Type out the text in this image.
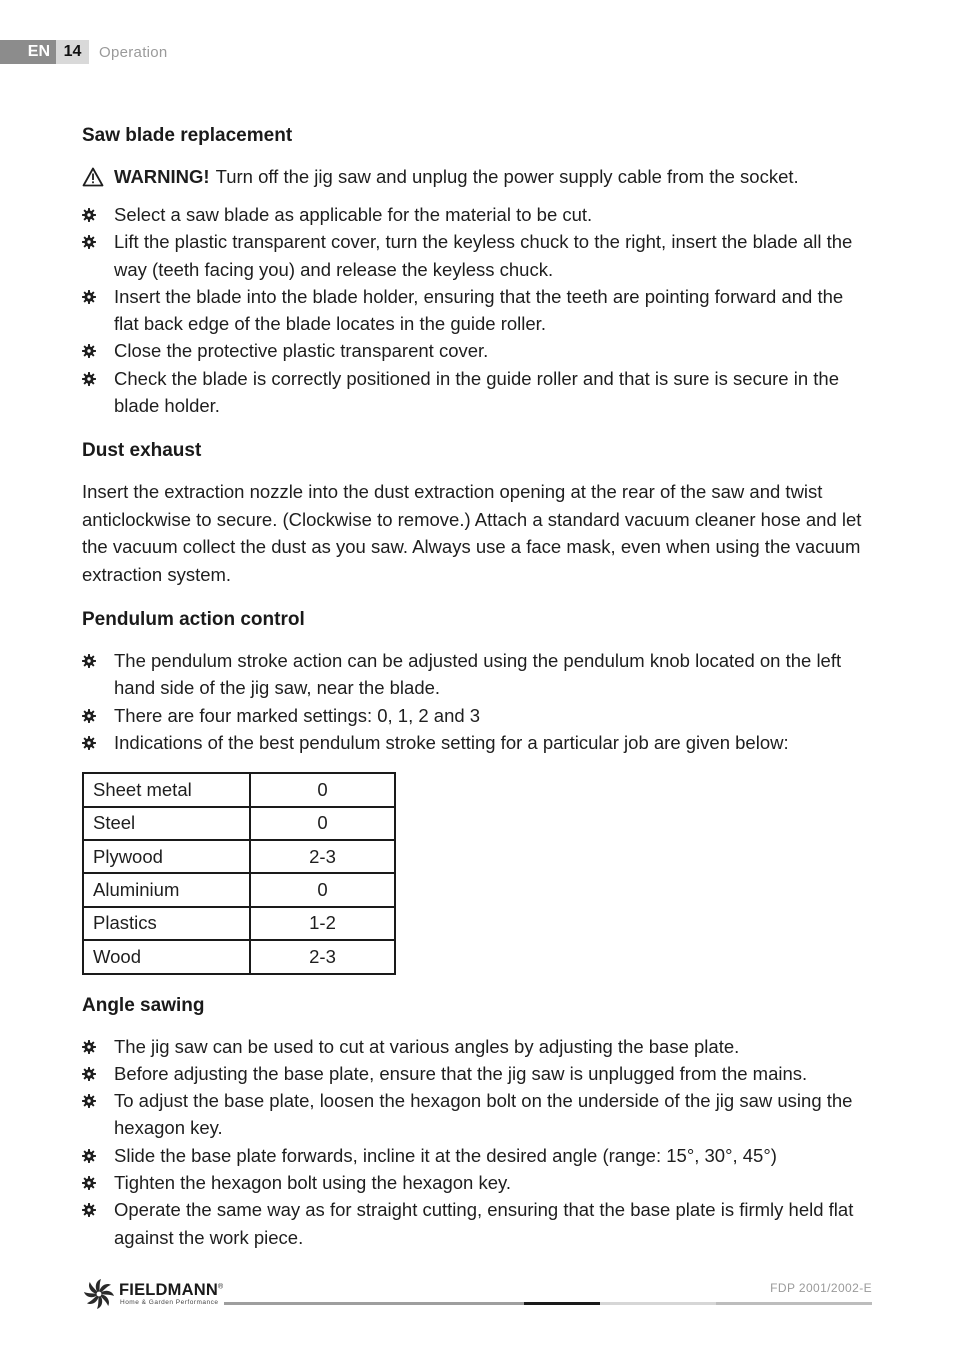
EN 14	Operation
Saw blade replacement
WARNING! Turn off the jig saw and unplug the power supply cable from the socket.
Select a saw blade as applicable for the material to be cut.
Lift the plastic transparent cover, turn the keyless chuck to the right, insert the blade all the way (teeth facing you) and release the keyless chuck.
Insert the blade into the blade holder, ensuring that the teeth are pointing forward and the flat back edge of the blade locates in the guide roller.
Close the protective plastic transparent cover.
Check the blade is correctly positioned in the guide roller and that is sure is secure in the blade holder.
Dust exhaust

Insert the extraction nozzle into the dust extraction opening at the rear of the saw and twist anticlockwise to secure. (Clockwise to remove.) Attach a standard vacuum cleaner hose and let the vacuum collect the dust as you saw. Always use a face mask, even when using the vacuum extraction system.

Pendulum action control
The pendulum stroke action can be adjusted using the pendulum knob located on the left hand side of the jig saw, near the blade.
There are four marked settings: 0, 1, 2 and 3
Indications of the best pendulum stroke setting for a particular job are given below:
Sheet metal	0
Steel	0
Plywood	2-3
Aluminium	0
Plastics	1-2
Wood	2-3
Angle sawing
The jig saw can be used to cut at various angles by adjusting the base plate.
Before adjusting the base plate, ensure that the jig saw is unplugged from the mains.
To adjust the base plate, loosen the hexagon bolt on the underside of the jig saw using the hexagon key.
Slide the base plate forwards, incline it at the desired angle (range: 15°, 30°, 45°)
Tighten the hexagon bolt using the hexagon key.
Operate the same way as for straight cutting, ensuring that the base plate is firmly held flat against the work piece.
FIELDMANN®
Home & Garden Performance
FDP 2001/2002-E
